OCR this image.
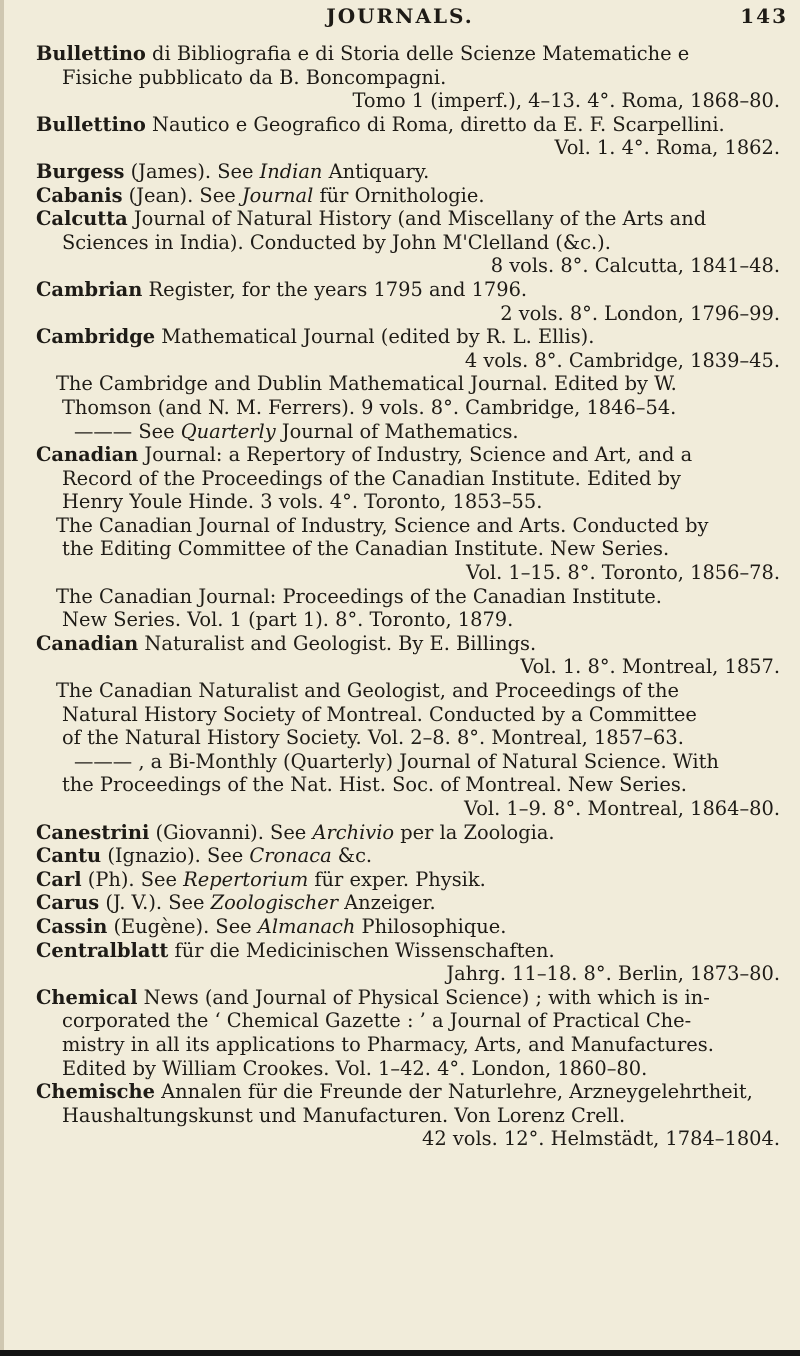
JOURNALS.	143
Bullettino di Bibliografia e di Storia delle Scienze Matematiche e
Fisiche pubblicato da B. Boncompagni.
Tomo 1 (imperf.), 4–13. 4°. Roma, 1868–80.
Bullettino Nautico e Geografico di Roma, diretto da E. F. Scarpellini.
Vol. 1. 4°. Roma, 1862.
Burgess (James). See Indian Antiquary.
Cabanis (Jean). See Journal für Ornithologie.
Calcutta Journal of Natural History (and Miscellany of the Arts and
Sciences in India). Conducted by John M'Clelland (&c.).
8 vols. 8°. Calcutta, 1841–48.
Cambrian Register, for the years 1795 and 1796.
2 vols. 8°. London, 1796–99.
Cambridge Mathematical Journal (edited by R. L. Ellis).
4 vols. 8°. Cambridge, 1839–45.
The Cambridge and Dublin Mathematical Journal. Edited by W.
Thomson (and N. M. Ferrers). 9 vols. 8°. Cambridge, 1846–54.
——— See Quarterly Journal of Mathematics.
Canadian Journal: a Repertory of Industry, Science and Art, and a
Record of the Proceedings of the Canadian Institute. Edited by
Henry Youle Hinde. 3 vols. 4°. Toronto, 1853–55.
The Canadian Journal of Industry, Science and Arts. Conducted by
the Editing Committee of the Canadian Institute. New Series.
Vol. 1–15. 8°. Toronto, 1856–78.
The Canadian Journal: Proceedings of the Canadian Institute.
New Series. Vol. 1 (part 1). 8°. Toronto, 1879.
Canadian Naturalist and Geologist. By E. Billings.
Vol. 1. 8°. Montreal, 1857.
The Canadian Naturalist and Geologist, and Proceedings of the
Natural History Society of Montreal. Conducted by a Committee
of the Natural History Society. Vol. 2–8. 8°. Montreal, 1857–63.
——— , a Bi-Monthly (Quarterly) Journal of Natural Science. With
the Proceedings of the Nat. Hist. Soc. of Montreal. New Series.
Vol. 1–9. 8°. Montreal, 1864–80.
Canestrini (Giovanni). See Archivio per la Zoologia.
Cantu (Ignazio). See Cronaca &c.
Carl (Ph). See Repertorium für exper. Physik.
Carus (J. V.). See Zoologischer Anzeiger.
Cassin (Eugène). See Almanach Philosophique.
Centralblatt für die Medicinischen Wissenschaften.
Jahrg. 11–18. 8°. Berlin, 1873–80.
Chemical News (and Journal of Physical Science) ; with which is in-
corporated the ‘ Chemical Gazette : ’ a Journal of Practical Che-
mistry in all its applications to Pharmacy, Arts, and Manufactures.
Edited by William Crookes. Vol. 1–42. 4°. London, 1860–80.
Chemische Annalen für die Freunde der Naturlehre, Arzneygelehrtheit,
Haushaltungskunst und Manufacturen. Von Lorenz Crell.
42 vols. 12°. Helmstädt, 1784–1804.
